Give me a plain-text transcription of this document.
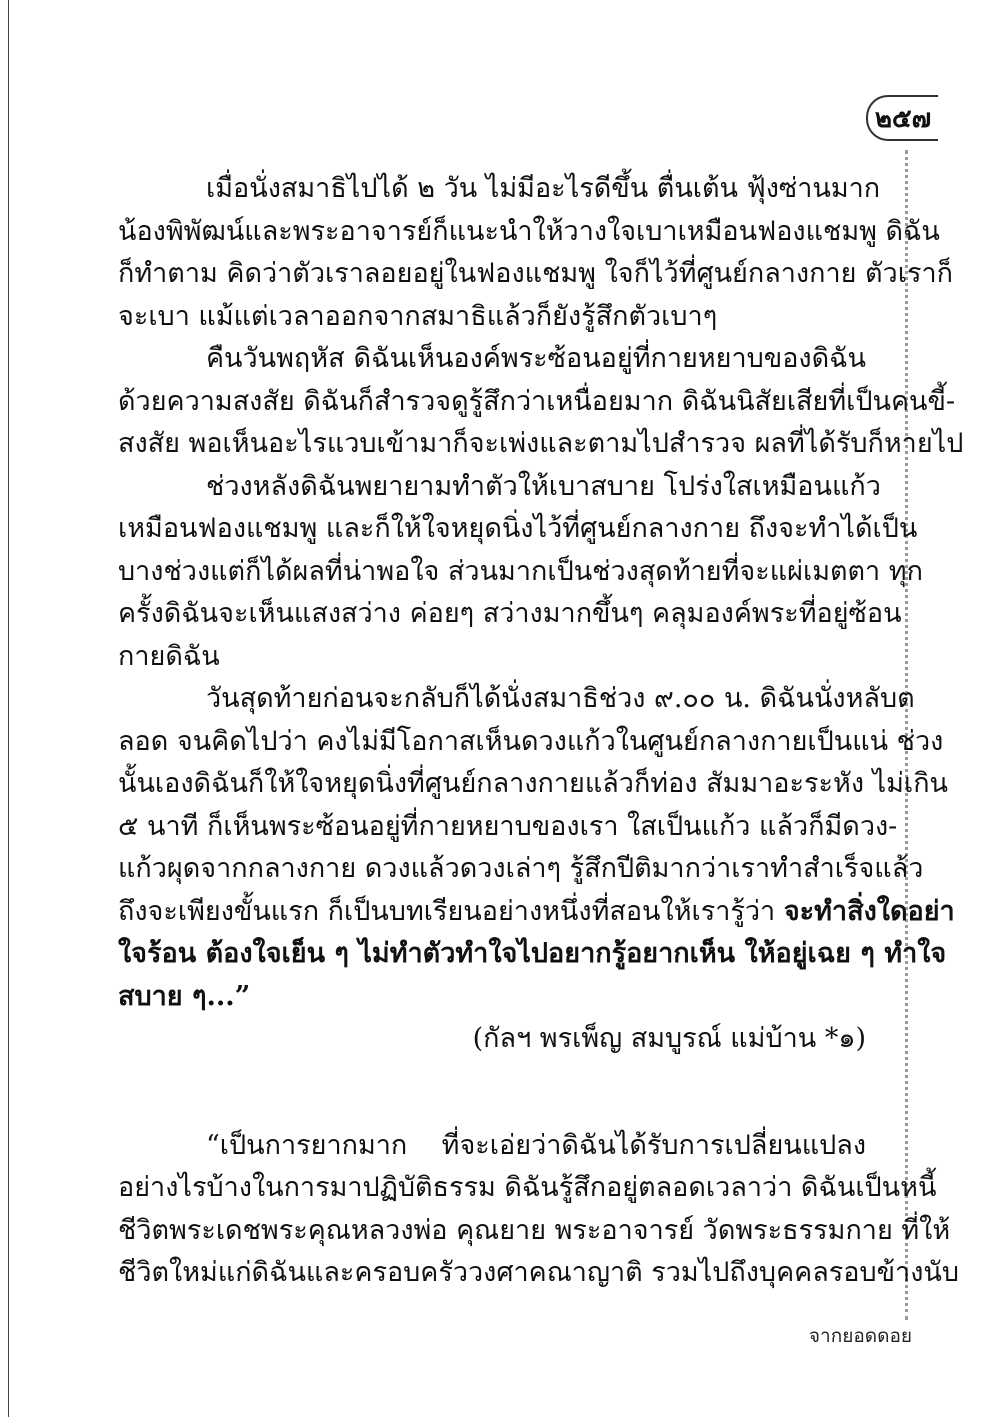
๒๕๗
เมื่อนั่งสมาธิไปได้ ๒ วัน ไม่มีอะไรดีขึ้น ตื่นเต้น ฟุ้งซ่านมาก
น้องพิพัฒน์และพระอาจารย์ก็แนะนำให้วางใจเบาเหมือนฟองแชมพู ดิฉัน
ก็ทำตาม คิดว่าตัวเราลอยอยู่ในฟองแชมพู ใจก็ไว้ที่ศูนย์กลางกาย ตัวเราก็
จะเบา แม้แต่เวลาออกจากสมาธิแล้วก็ยังรู้สึกตัวเบาๆ
คืนวันพฤหัส ดิฉันเห็นองค์พระซ้อนอยู่ที่กายหยาบของดิฉัน
ด้วยความสงสัย ดิฉันก็สำรวจดูรู้สึกว่าเหนื่อยมาก ดิฉันนิสัยเสียที่เป็นคนขี้-
สงสัย พอเห็นอะไรแวบเข้ามาก็จะเพ่งและตามไปสำรวจ ผลที่ได้รับก็หายไป
ช่วงหลังดิฉันพยายามทำตัวให้เบาสบาย โปร่งใสเหมือนแก้ว
เหมือนฟองแชมพู และก็ให้ใจหยุดนิ่งไว้ที่ศูนย์กลางกาย ถึงจะทำได้เป็น
บางช่วงแต่ก็ได้ผลที่น่าพอใจ ส่วนมากเป็นช่วงสุดท้ายที่จะแผ่เมตตา ทุก
ครั้งดิฉันจะเห็นแสงสว่าง ค่อยๆ สว่างมากขึ้นๆ คลุมองค์พระที่อยู่ซ้อน
กายดิฉัน
วันสุดท้ายก่อนจะกลับก็ได้นั่งสมาธิช่วง ๙.๐๐ น. ดิฉันนั่งหลับต
ลอด จนคิดไปว่า คงไม่มีโอกาสเห็นดวงแก้วในศูนย์กลางกายเป็นแน่ ช่วง
นั้นเองดิฉันก็ให้ใจหยุดนิ่งที่ศูนย์กลางกายแล้วก็ท่อง สัมมาอะระหัง ไม่เกิน
๕ นาที ก็เห็นพระซ้อนอยู่ที่กายหยาบของเรา ใสเป็นแก้ว แล้วก็มีดวง-
แก้วผุดจากกลางกาย ดวงแล้วดวงเล่าๆ รู้สึกปีติมากว่าเราทำสำเร็จแล้ว
ถึงจะเพียงขั้นแรก ก็เป็นบทเรียนอย่างหนึ่งที่สอนให้เรารู้ว่า จะทำสิ่งใดอย่า
ใจร้อน ต้องใจเย็น ๆ ไม่ทำตัวทำใจไปอยากรู้อยากเห็น ให้อยู่เฉย ๆ ทำใจ
สบาย ๆ...”
(กัลฯ พรเพ็ญ สมบูรณ์ แม่บ้าน *๑)
“เป็นการยากมาก ที่จะเอ่ยว่าดิฉันได้รับการเปลี่ยนแปลง
อย่างไรบ้างในการมาปฏิบัติธรรม ดิฉันรู้สึกอยู่ตลอดเวลาว่า ดิฉันเป็นหนี้
ชีวิตพระเดชพระคุณหลวงพ่อ คุณยาย พระอาจารย์ วัดพระธรรมกาย ที่ให้
ชีวิตใหม่แก่ดิฉันและครอบครัววงศาคณาญาติ รวมไปถึงบุคคลรอบข้างนับ
จากยอดดอย
